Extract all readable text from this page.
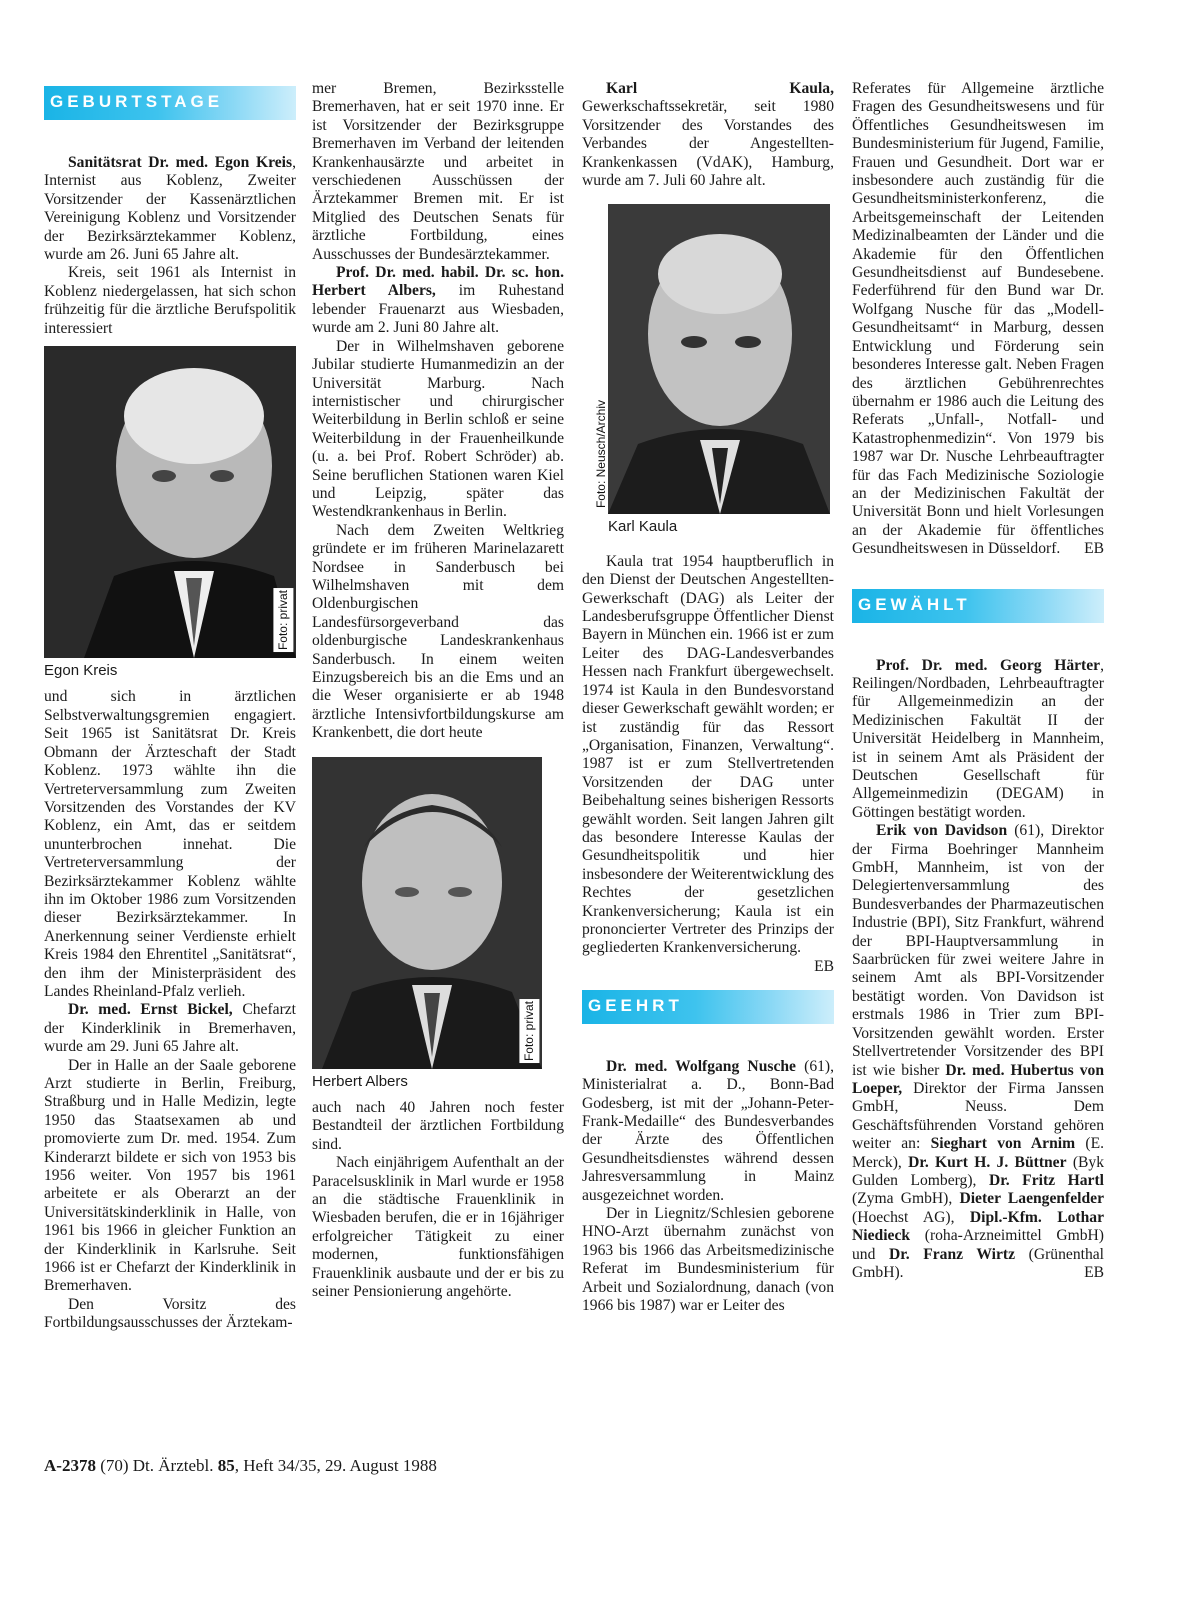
GEBURTSTAGE

Sanitätsrat Dr. med. Egon Kreis, Internist aus Koblenz, Zweiter Vorsitzender der Kassenärztlichen Vereinigung Koblenz und Vorsitzender der Bezirksärztekammer Koblenz, wurde am 26. Juni 65 Jahre alt.

Kreis, seit 1961 als Internist in Koblenz niedergelassen, hat sich schon frühzeitig für die ärztliche Berufspolitik interessiert

Foto: privat
Egon Kreis

und sich in ärztlichen Selbstverwaltungsgremien engagiert. Seit 1965 ist Sanitätsrat Dr. Kreis Obmann der Ärzteschaft der Stadt Koblenz. 1973 wählte ihn die Vertreterversammlung zum Zweiten Vorsitzenden des Vorstandes der KV Koblenz, ein Amt, das er seitdem ununterbrochen innehat. Die Vertreterversammlung der Bezirksärztekammer Koblenz wählte ihn im Oktober 1986 zum Vorsitzenden dieser Bezirksärztekammer. In Anerkennung seiner Verdienste erhielt Kreis 1984 den Ehrentitel „Sanitätsrat“, den ihm der Ministerpräsident des Landes Rheinland-Pfalz verlieh.

Dr. med. Ernst Bickel, Chefarzt der Kinderklinik in Bremerhaven, wurde am 29. Juni 65 Jahre alt.

Der in Halle an der Saale geborene Arzt studierte in Berlin, Freiburg, Straßburg und in Halle Medizin, legte 1950 das Staatsexamen ab und promovierte zum Dr. med. 1954. Zum Kinderarzt bildete er sich von 1953 bis 1956 weiter. Von 1957 bis 1961 arbeitete er als Oberarzt an der Universitätskinderklinik in Halle, von 1961 bis 1966 in gleicher Funktion an der Kinderklinik in Karlsruhe. Seit 1966 ist er Chefarzt der Kinderklinik in Bremerhaven.

Den Vorsitz des Fortbildungsausschusses der Ärztekam-

mer Bremen, Bezirksstelle Bremerhaven, hat er seit 1970 inne. Er ist Vorsitzender der Bezirksgruppe Bremerhaven im Verband der leitenden Krankenhausärzte und arbeitet in verschiedenen Ausschüssen der Ärztekammer Bremen mit. Er ist Mitglied des Deutschen Senats für ärztliche Fortbildung, eines Ausschusses der Bundesärztekammer.

Prof. Dr. med. habil. Dr. sc. hon. Herbert Albers, im Ruhestand lebender Frauenarzt aus Wiesbaden, wurde am 2. Juni 80 Jahre alt.

Der in Wilhelmshaven geborene Jubilar studierte Humanmedizin an der Universität Marburg. Nach internistischer und chirurgischer Weiterbildung in Berlin schloß er seine Weiterbildung in der Frauenheilkunde (u. a. bei Prof. Robert Schröder) ab. Seine beruflichen Stationen waren Kiel und Leipzig, später das Westendkrankenhaus in Berlin.

Nach dem Zweiten Weltkrieg gründete er im früheren Marinelazarett Nordsee in Sanderbusch bei Wilhelmshaven mit dem Oldenburgischen Landesfürsorgeverband das oldenburgische Landeskrankenhaus Sanderbusch. In einem weiten Einzugsbereich bis an die Ems und an die Weser organisierte er ab 1948 ärztliche Intensivfortbildungskurse am Krankenbett, die dort heute

Foto: privat
Herbert Albers

auch nach 40 Jahren noch fester Bestandteil der ärztlichen Fortbildung sind.

Nach einjährigem Aufenthalt an der Paracelsusklinik in Marl wurde er 1958 an die städtische Frauenklinik in Wiesbaden berufen, die er in 16jähriger erfolgreicher Tätigkeit zu einer modernen, funktionsfähigen Frauenklinik ausbaute und der er bis zu seiner Pensionierung angehörte.

Karl Kaula, Gewerkschaftssekretär, seit 1980 Vorsitzender des Vorstandes des Verbandes der Angestellten-Krankenkassen (VdAK), Hamburg, wurde am 7. Juli 60 Jahre alt.

Foto: Neusch/Archiv
Karl Kaula

Kaula trat 1954 hauptberuflich in den Dienst der Deutschen Angestellten-Gewerkschaft (DAG) als Leiter der Landesberufsgruppe Öffentlicher Dienst Bayern in München ein. 1966 ist er zum Leiter des DAG-Landesverbandes Hessen nach Frankfurt übergewechselt. 1974 ist Kaula in den Bundesvorstand dieser Gewerkschaft gewählt worden; er ist zuständig für das Ressort „Organisation, Finanzen, Verwaltung“. 1987 ist er zum Stellvertretenden Vorsitzenden der DAG unter Beibehaltung seines bisherigen Ressorts gewählt worden. Seit langen Jahren gilt das besondere Interesse Kaulas der Gesundheitspolitik und hier insbesondere der Weiterentwicklung des Rechtes der gesetzlichen Krankenversicherung; Kaula ist ein prononcierter Vertreter des Prinzips der gegliederten Krankenversicherung.
EB

GEEHRT

Dr. med. Wolfgang Nusche (61), Ministerialrat a. D., Bonn-Bad Godesberg, ist mit der „Johann-Peter-Frank-Medaille“ des Bundesverbandes der Ärzte des Öffentlichen Gesundheitsdienstes während dessen Jahresversammlung in Mainz ausgezeichnet worden.

Der in Liegnitz/Schlesien geborene HNO-Arzt übernahm zunächst von 1963 bis 1966 das Arbeitsmedizinische Referat im Bundesministerium für Arbeit und Sozialordnung, danach (von 1966 bis 1987) war er Leiter des

Referates für Allgemeine ärztliche Fragen des Gesundheitswesens und für Öffentliches Gesundheitswesen im Bundesministerium für Jugend, Familie, Frauen und Gesundheit. Dort war er insbesondere auch zuständig für die Gesundheitsministerkonferenz, die Arbeitsgemeinschaft der Leitenden Medizinalbeamten der Länder und die Akademie für den Öffentlichen Gesundheitsdienst auf Bundesebene. Federführend für den Bund war Dr. Wolfgang Nusche für das „Modell-Gesundheitsamt“ in Marburg, dessen Entwicklung und Förderung sein besonderes Interesse galt. Neben Fragen des ärztlichen Gebührenrechtes übernahm er 1986 auch die Leitung des Referats „Unfall-, Notfall- und Katastrophenmedizin“. Von 1979 bis 1987 war Dr. Nusche Lehrbeauftragter für das Fach Medizinische Soziologie an der Medizinischen Fakultät der Universität Bonn und hielt Vorlesungen an der Akademie für öffentliches Gesundheitswesen in Düsseldorf. EB

GEWÄHLT

Prof. Dr. med. Georg Härter, Reilingen/Nordbaden, Lehrbeauftragter für Allgemeinmedizin an der Medizinischen Fakultät II der Universität Heidelberg in Mannheim, ist in seinem Amt als Präsident der Deutschen Gesellschaft für Allgemeinmedizin (DEGAM) in Göttingen bestätigt worden.

Erik von Davidson (61), Direktor der Firma Boehringer Mannheim GmbH, Mannheim, ist von der Delegiertenversammlung des Bundesverbandes der Pharmazeutischen Industrie (BPI), Sitz Frankfurt, während der BPI-Hauptversammlung in Saarbrücken für zwei weitere Jahre in seinem Amt als BPI-Vorsitzender bestätigt worden. Von Davidson ist erstmals 1986 in Trier zum BPI-Vorsitzenden gewählt worden. Erster Stellvertretender Vorsitzender des BPI ist wie bisher Dr. med. Hubertus von Loeper, Direktor der Firma Janssen GmbH, Neuss. Dem Geschäftsführenden Vorstand gehören weiter an: Sieghart von Arnim (E. Merck), Dr. Kurt H. J. Büttner (Byk Gulden Lomberg), Dr. Fritz Hartl (Zyma GmbH), Dieter Laengenfelder (Hoechst AG), Dipl.-Kfm. Lothar Niedieck (roha-Arzneimittel GmbH) und Dr. Franz Wirtz (Grünenthal GmbH).	EB

A-2378 (70) Dt. Ärztebl. 85, Heft 34/35, 29. August 1988
